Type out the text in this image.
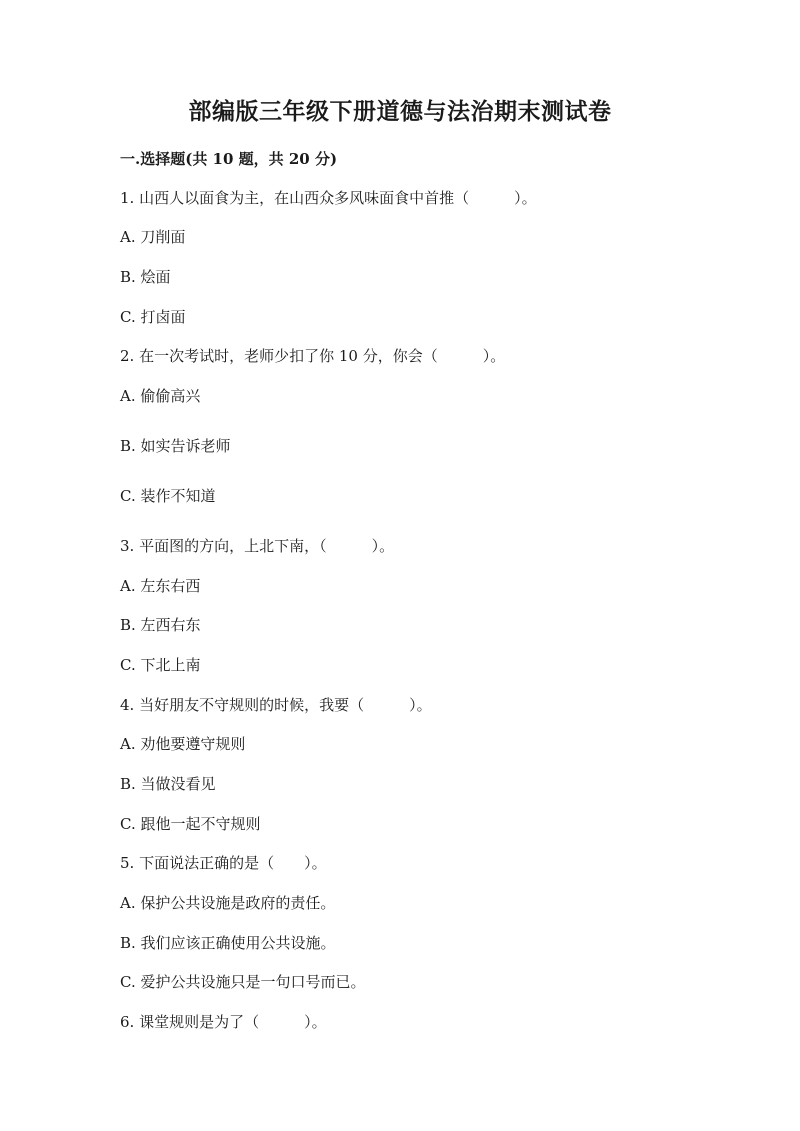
部编版三年级下册道德与法治期末测试卷
一.选择题(共 10 题，共 20 分)
1. 山西人以面食为主，在山西众多风味面食中首推（　　　）。
A. 刀削面
B. 烩面
C. 打卤面
2. 在一次考试时，老师少扣了你 10 分，你会（　　　）。
A. 偷偷高兴
B. 如实告诉老师
C. 装作不知道
3. 平面图的方向，上北下南，（　　　）。
A. 左东右西
B. 左西右东
C. 下北上南
4. 当好朋友不守规则的时候，我要（　　　）。
A. 劝他要遵守规则
B. 当做没看见
C. 跟他一起不守规则
5. 下面说法正确的是（　　）。
A. 保护公共设施是政府的责任。
B. 我们应该正确使用公共设施。
C. 爱护公共设施只是一句口号而已。
6. 课堂规则是为了（　　　）。
